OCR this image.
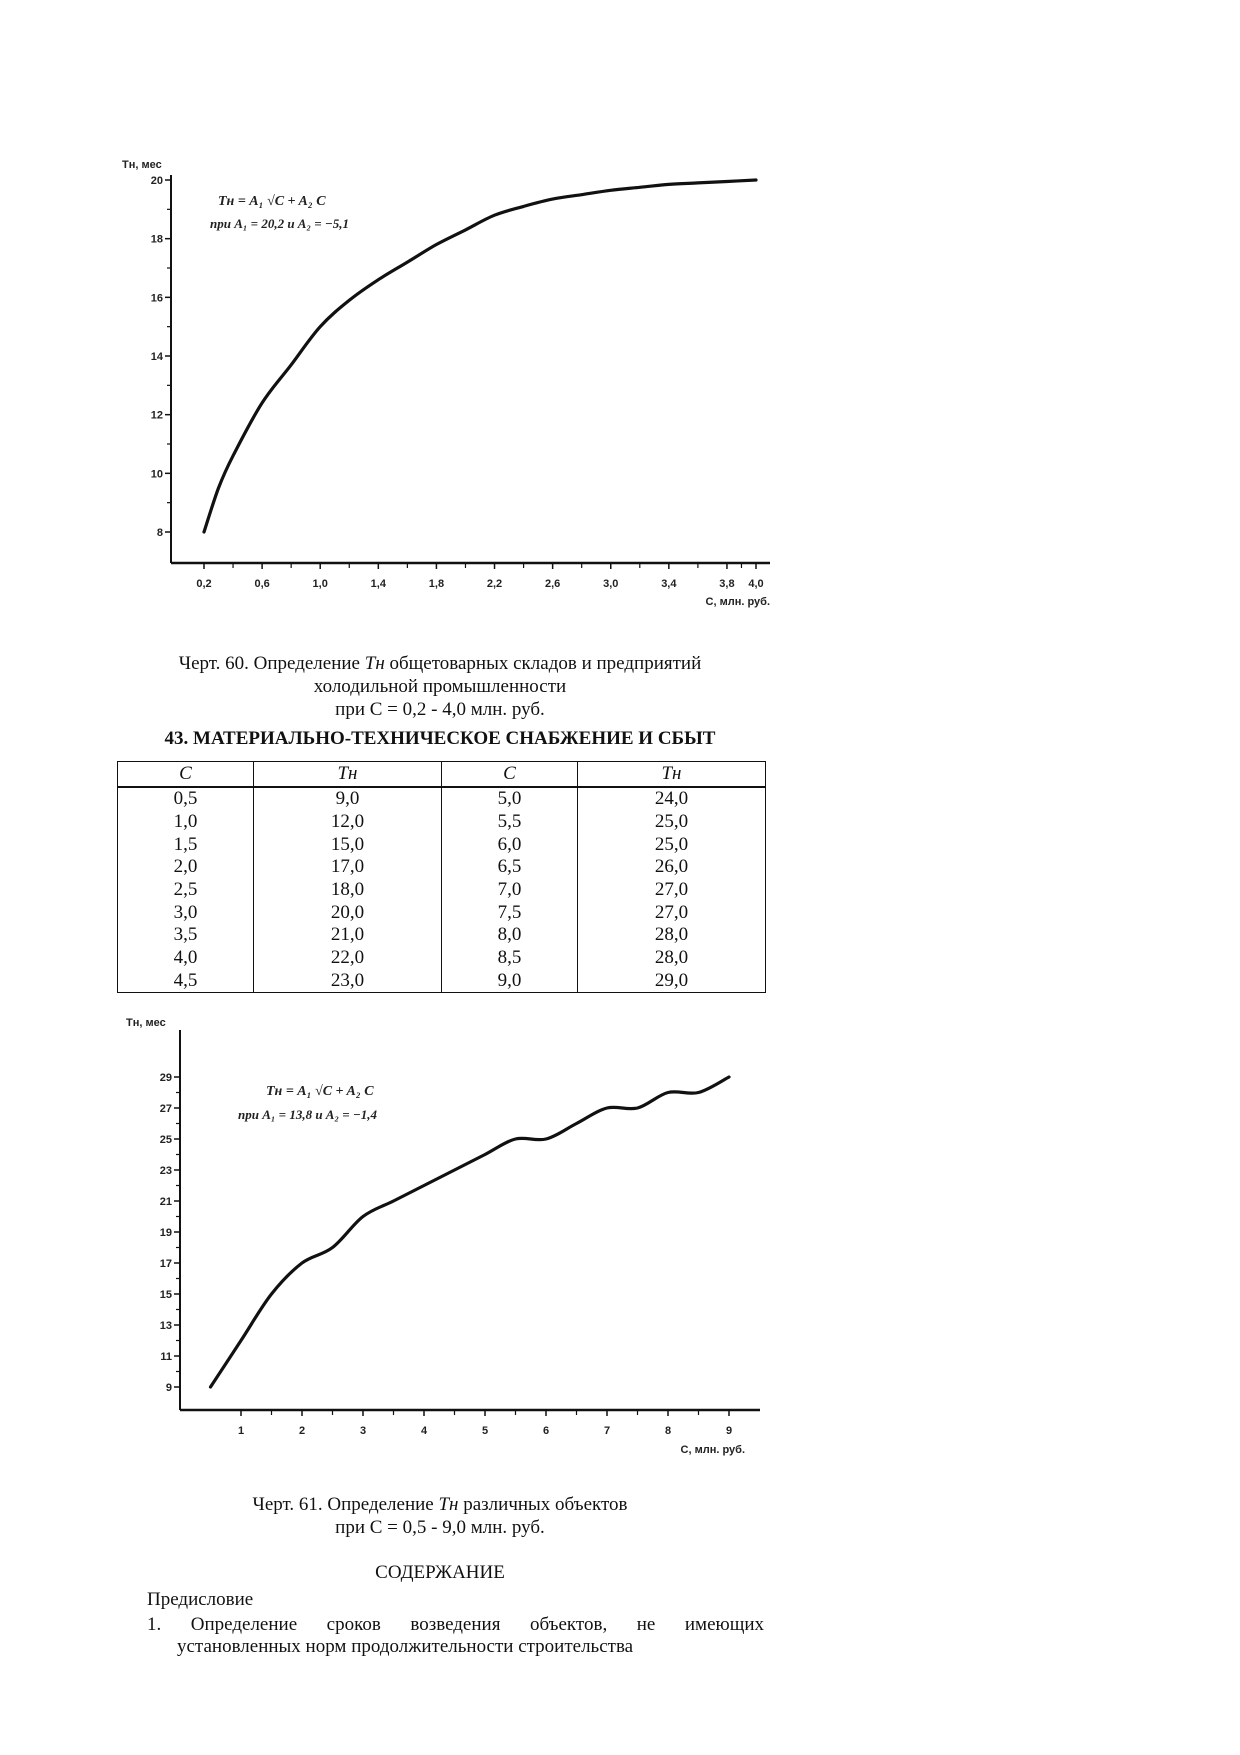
8
10
12
14
16
18
20
0,2	0,6	1,0	1,4	1,8	2,2	2,6	3,0	3,4	3,8 4,0
Tн, мес
С, млн. руб.
Tн = A₁ √C + A₂ C
при A₁ = 20,2 и A₂ = −5,1
Черт. 60. Определение Тн общетоварных складов и предприятий
холодильной промышленности
при С = 0,2 - 4,0 млн. руб.
43. МАТЕРИАЛЬНО-ТЕХНИЧЕСКОЕ СНАБЖЕНИЕ И СБЫТ
С	Тн	С	Тн
0,5	9,0	5,0	24,0
1,0	12,0	5,5	25,0
1,5	15,0	6,0	25,0
2,0	17,0	6,5	26,0
2,5	18,0	7,0	27,0
3,0	20,0	7,5	27,0
3,5	21,0	8,0	28,0
4,0	22,0	8,5	28,0
4,5	23,0	9,0	29,0
9
11
13
15
17
19
21
23
25
27
29
1	2	3	4	5	6	7	8	9
Tн, мес
С, млн. руб.
Tн = A₁ √C + A₂ C
при A₁ = 13,8 и A₂ = −1,4
Черт. 61. Определение Тн различных объектов
при С = 0,5 - 9,0 млн. руб.
СОДЕРЖАНИЕ
Предисловие
1. Определение сроков возведения объектов, не имеющих
установленных норм продолжительности строительства
